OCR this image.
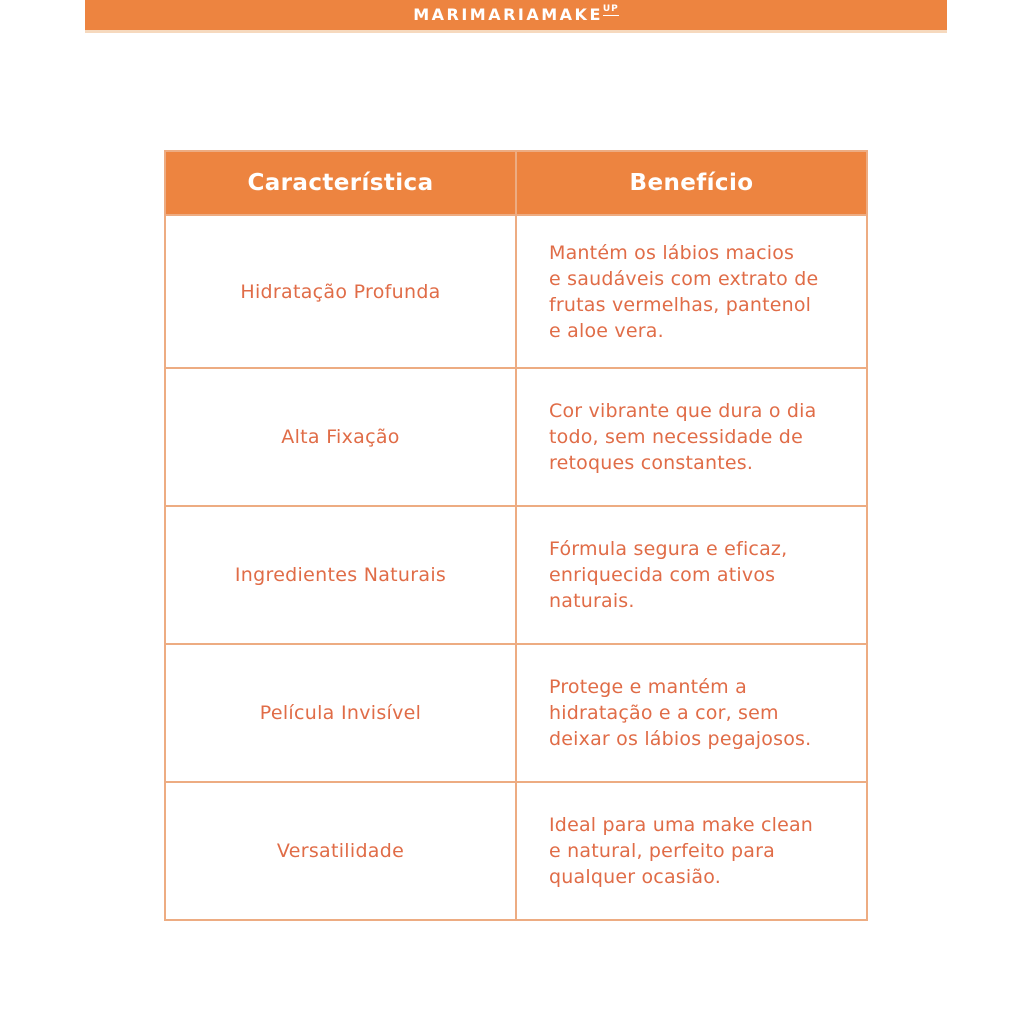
MARIMARIAMAKEUP
Característica	Benefício
Hidratação Profunda	Mantém os lábios macios
e saudáveis com extrato de
frutas vermelhas, pantenol
e aloe vera.
Alta Fixação	Cor vibrante que dura o dia
todo, sem necessidade de
retoques constantes.
Ingredientes Naturais	Fórmula segura e eficaz,
enriquecida com ativos
naturais.
Película Invisível	Protege e mantém a
hidratação e a cor, sem
deixar os lábios pegajosos.
Versatilidade	Ideal para uma make clean
e natural, perfeito para
qualquer ocasião.
